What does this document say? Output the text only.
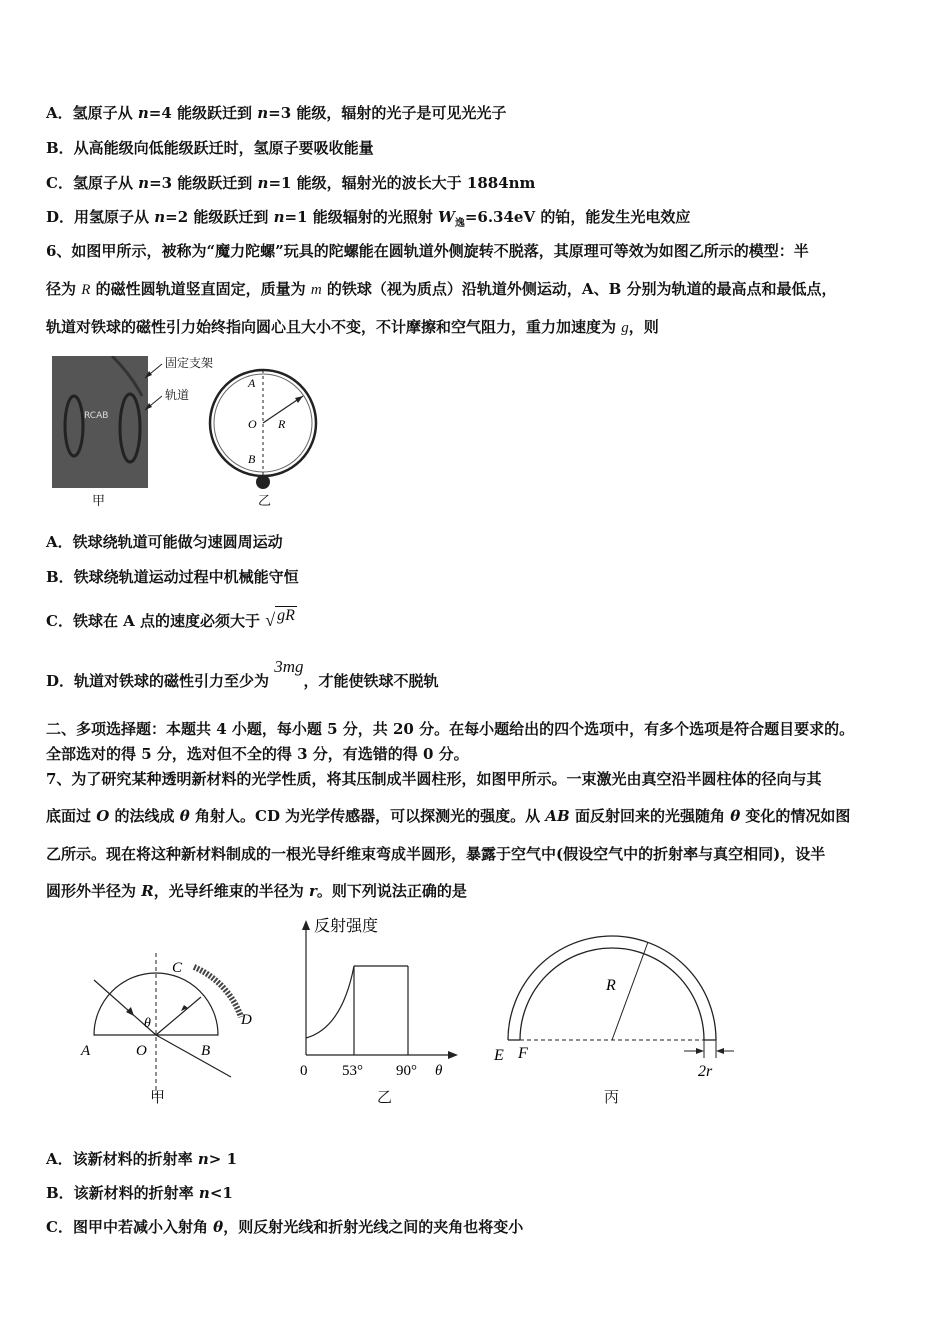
A．氢原子从 n=4 能级跃迁到 n=3 能级，辐射的光子是可见光光子
B．从高能级向低能级跃迁时，氢原子要吸收能量
C．氢原子从 n=3 能级跃迁到 n=1 能级，辐射光的波长大于 1884nm
D．用氢原子从 n=2 能级跃迁到 n=1 能级辐射的光照射 $W_逸=6.34eV$ 的铂，能发生光电效应
6、如图甲所示，被称为“魔力陀螺”玩具的陀螺能在圆轨道外侧旋转不脱落，其原理可等效为如图乙所示的模型：半
径为 R 的磁性圆轨道竖直固定，质量为 m 的铁球（视为质点）沿轨道外侧运动，A、B 分别为轨道的最高点和最低点，
轨道对铁球的磁性引力始终指向圆心且大小不变，不计摩擦和空气阻力，重力加速度为 g，则
RCAB
甲
固定支架
轨道
A
O R
B
乙
A．铁球绕轨道可能做匀速圆周运动
B．铁球绕轨道运动过程中机械能守恒
C．铁球在 A 点的速度必须大于 √ gR
D．轨道对铁球的磁性引力至少为 3mg，才能使铁球不脱轨
二、多项选择题：本题共 4 小题，每小题 5 分，共 20 分。在每小题给出的四个选项中，有多个选项是符合题目要求的。
全部选对的得 5 分，选对但不全的得 3 分，有选错的得 0 分。
7、为了研究某种透明新材料的光学性质，将其压制成半圆柱形，如图甲所示。一束激光由真空沿半圆柱体的径向与其
底面过 O 的法线成 θ 角射人。CD 为光学传感器，可以探测光的强度。从 AB 面反射回来的光强随角 θ 变化的情况如图
乙所示。现在将这种新材料制成的一根光导纤维束弯成半圆形，暴露于空气中(假设空气中的折射率与真空相同)，设半
圆形外半径为 R，光导纤维束的半径为 r。则下列说法正确的是
C
D
θ
A	O	B
甲
反射强度
0 53° 90° θ
乙
R
E F
2r
丙
A．该新材料的折射率 n> 1
B．该新材料的折射率 n<1
C．图甲中若减小入射角 θ，则反射光线和折射光线之间的夹角也将变小
